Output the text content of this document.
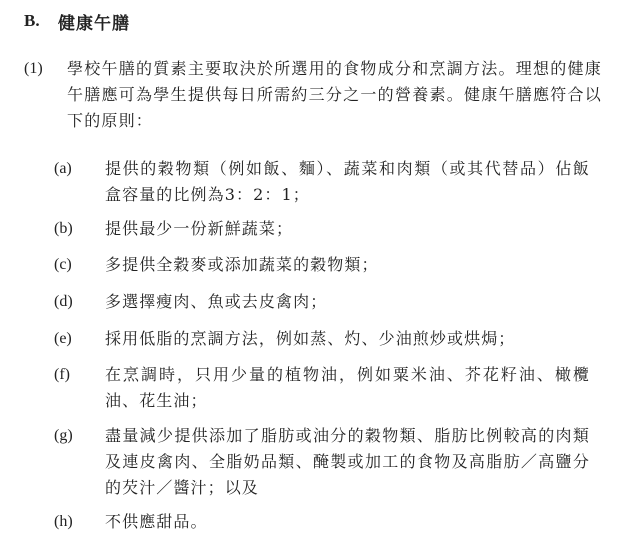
B.	健康午膳
(1) 學校午膳的質素主要取決於所選用的食物成分和烹調方法。理想的健康午膳應可為學生提供每日所需約三分之一的營養素。健康午膳應符合以下的原則：
(a) 提供的穀物類（例如飯、麵）、蔬菜和肉類（或其代替品）佔飯盒容量的比例為3：2：1；
(b) 提供最少一份新鮮蔬菜；
(c) 多提供全穀麥或添加蔬菜的穀物類；
(d) 多選擇瘦肉、魚或去皮禽肉；
(e) 採用低脂的烹調方法，例如蒸、灼、少油煎炒或烘焗；
(f) 在烹調時，只用少量的植物油，例如粟米油、芥花籽油、橄欖油、花生油；
(g) 盡量減少提供添加了脂肪或油分的穀物類、脂肪比例較高的肉類及連皮禽肉、全脂奶品類、醃製或加工的食物及高脂肪／高鹽分的芡汁／醬汁；以及
(h) 不供應甜品。
